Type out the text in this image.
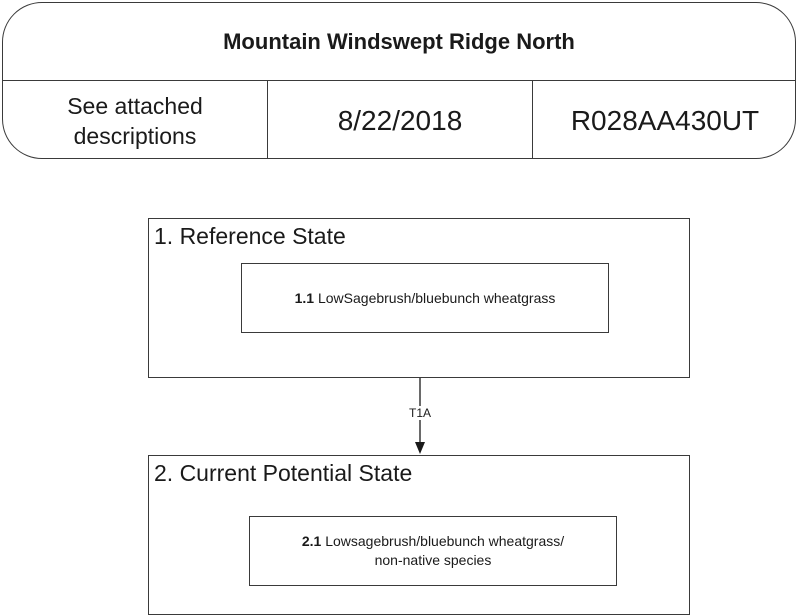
Mountain Windswept Ridge North
See attached
descriptions	8/22/2018	R028AA430UT
1. Reference State
1.1 LowSagebrush/bluebunch wheatgrass
T1A
2. Current Potential State
2.1 Lowsagebrush/bluebunch wheatgrass/
non-native species
